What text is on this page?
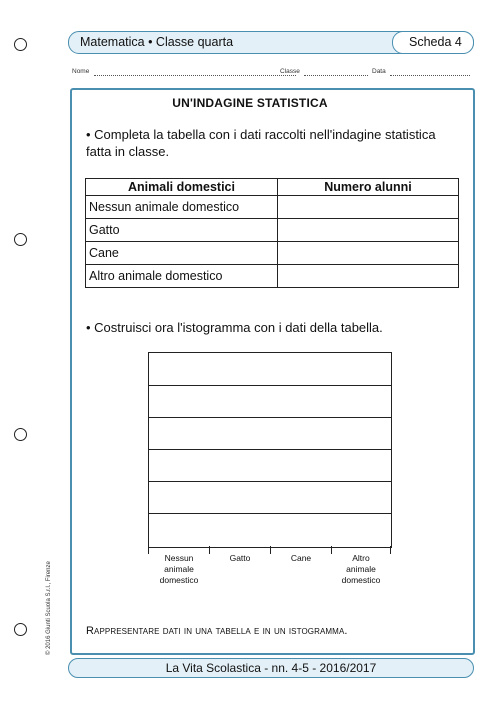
Matematica • Classe quarta	Scheda 4
Nome	Classe	Data
UN'INDAGINE STATISTICA
• Completa la tabella con i dati raccolti nell'indagine statistica fatta in classe.
Animali domestici	Numero alunni
Nessun animale domestico	
Gatto	
Cane	
Altro animale domestico	
• Costruisci ora l'istogramma con i dati della tabella.
Nessun
animale
domestico
Gatto	Cane	Altro
animale
domestico
Rappresentare dati in una tabella e in un istogramma.
© 2016 Giunti Scuola S.r.l., Firenze
La Vita Scolastica - nn. 4-5 - 2016/2017
